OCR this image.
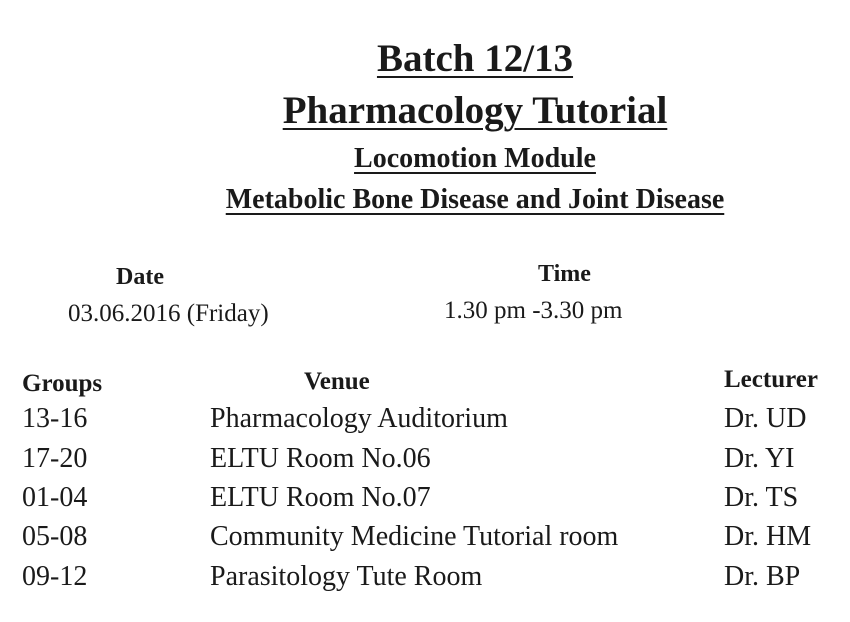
Batch 12/13
Pharmacology Tutorial
Locomotion Module
Metabolic Bone Disease and Joint Disease
Date
03.06.2016 (Friday)
Time
1.30 pm -3.30 pm
Groups	Venue	Lecturer
13-16	Pharmacology Auditorium	Dr. UD
17-20	ELTU Room No.06	Dr. YI
01-04	ELTU Room No.07	Dr. TS
05-08	Community Medicine Tutorial room	Dr. HM
09-12	Parasitology Tute Room	Dr. BP
